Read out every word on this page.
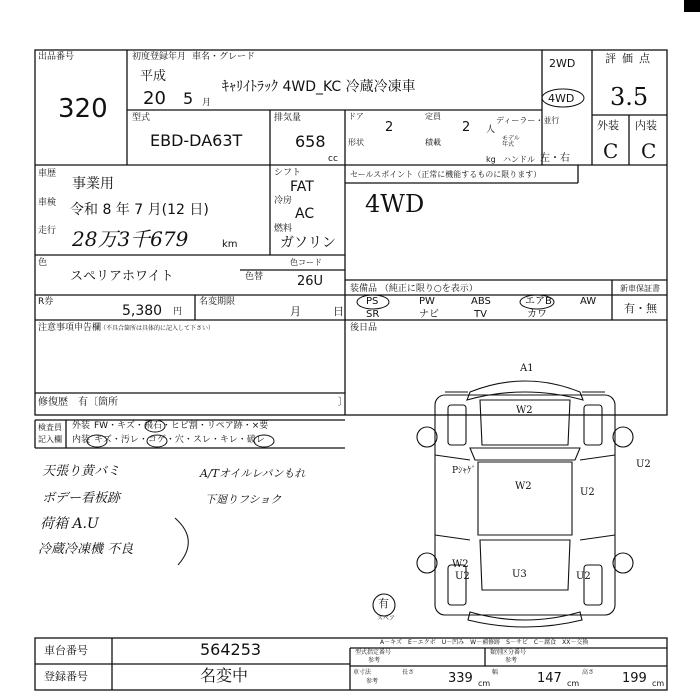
出品番号
320
初度登録年月
平成
20 5 月
車名・グレード
ｷｬﾘｲﾄﾗｯｸ 4WD_KC 冷蔵冷凍車
2WD
4WD
評価点
3.5
外装 内装
C C
型式
EBD-DA63T
排気量
658
cc
ドア
2
定員
2 人
ディーラー・並行
モデル年式
形状	積載
kg ハンドル 左・右
車歴
事業用
車検 令和 8 年 7 月(12 日)
走行 28万3千679	km
シフト
FAT
冷房
AC
燃料
ガソリン
色
スペリアホワイト	色替
色コード
26U
R券
5,380 円
名変期限
月	日
セールスポイント（正常に機能するものに限ります）
4WD
装備品 （純正に限り○を表示）
PS	PW	ABS	エアB	AW
SR	ナビ	TV	カワ
新車保証書
有・無
注意事項申告欄
（不具合箇所は具体的に記入して下さい）
修復歴　有〔箇所	〕
後日品
検査員
記入欄
外装 FW・キズ・飛石・ヒビ割・リペア跡・×要
内装 キズ・汚レ・コゲ・穴・スレ・キレ・破レ
天張り黄バミ
ボデー看板跡
荷箱 A.U
冷蔵冷凍機 不良
A/Tオイルレパンもれ
下廻りフショク
A1
W2
W2
W2
U2
U2	U2
U3
Pｼｬｹﾞ
U2
有
スペア
A－キズ　E－エクボ　U－凹み　W－補修跡　S－サビ　C－腐食　XX－交換
車台番号	564253
登録番号	名変中
型式指定番号
参考
類別区分番号
参考
車寸法
参考
長さ	339 cm
幅	147 cm
高さ 199 cm
